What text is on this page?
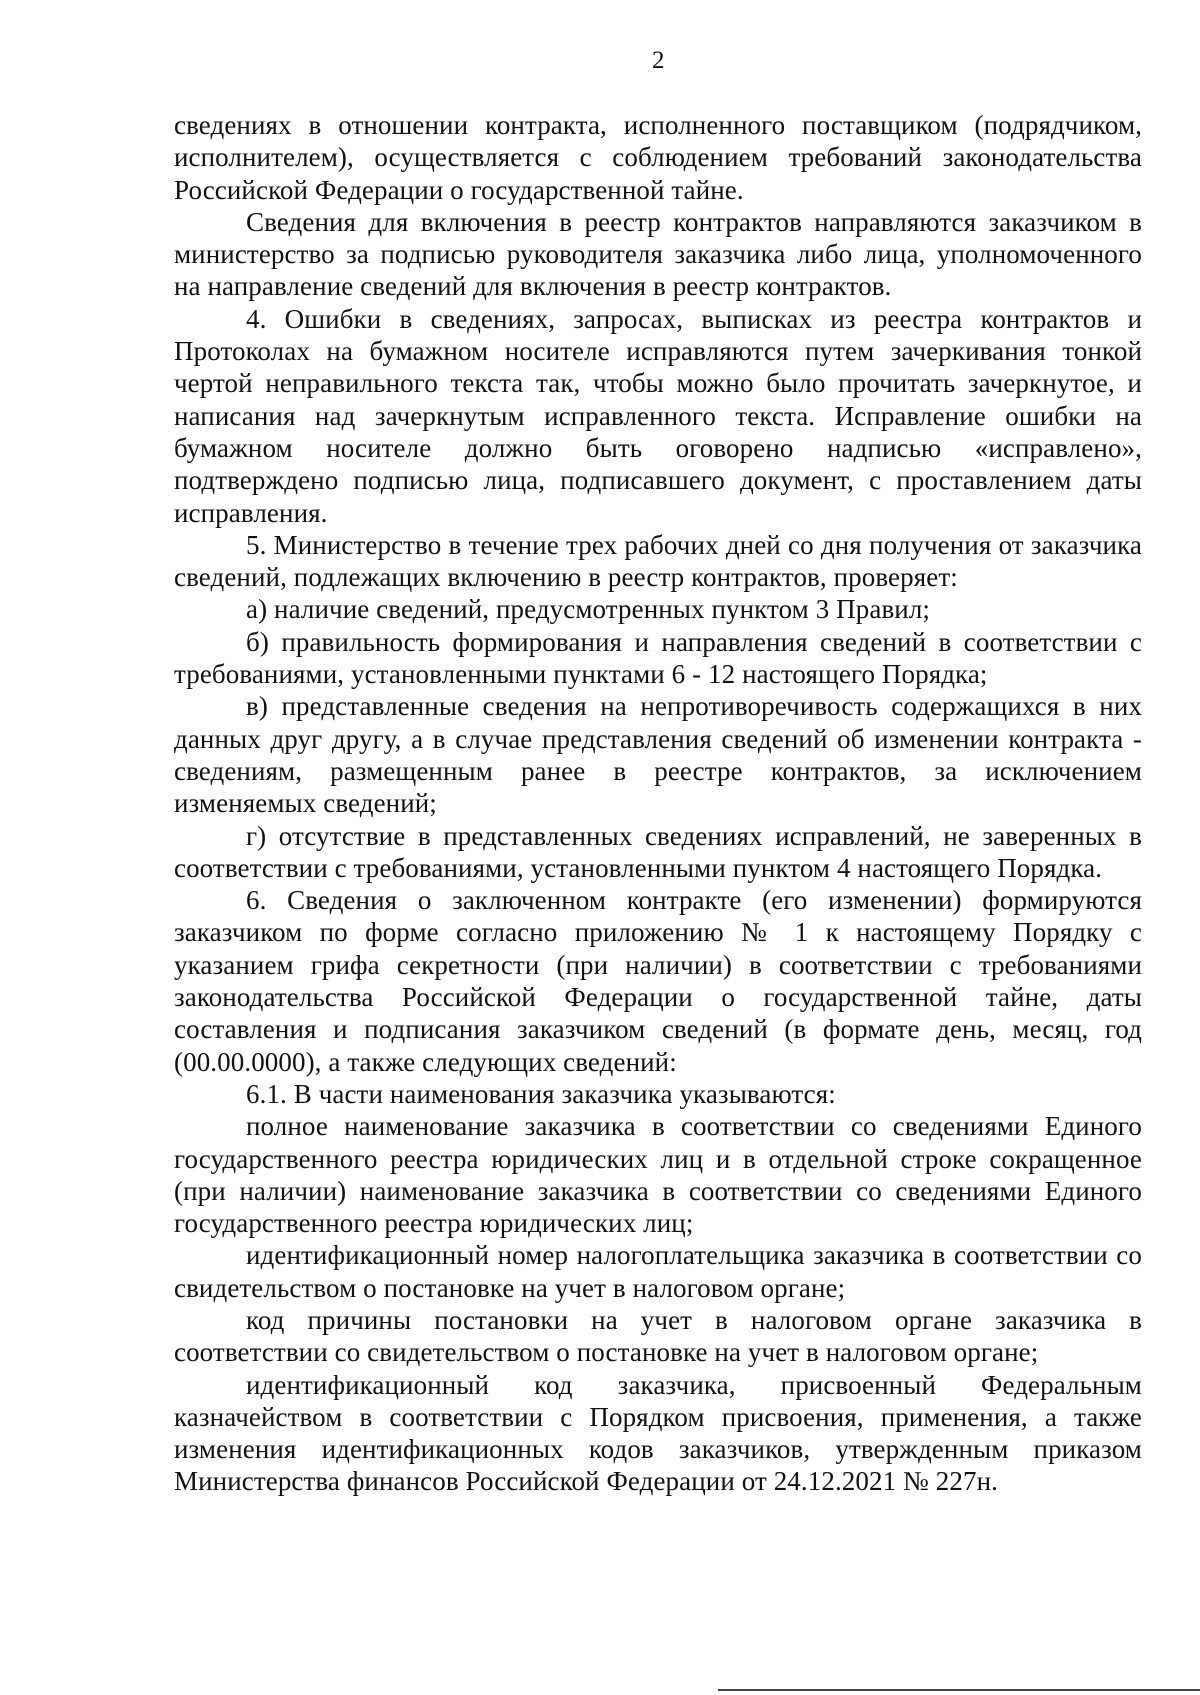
2

сведениях в отношении контракта, исполненного поставщиком (подрядчиком, исполнителем), осуществляется с соблюдением требований законодательства Российской Федерации о государственной тайне.

Сведения для включения в реестр контрактов направляются заказчиком в министерство за подписью руководителя заказчика либо лица, уполномоченного на направление сведений для включения в реестр контрактов.

4. Ошибки в сведениях, запросах, выписках из реестра контрактов и Протоколах на бумажном носителе исправляются путем зачеркивания тонкой чертой неправильного текста так, чтобы можно было прочитать зачеркнутое, и написания над зачеркнутым исправленного текста. Исправление ошибки на бумажном носителе должно быть оговорено надписью «исправлено», подтверждено подписью лица, подписавшего документ, с проставлением даты исправления.

5. Министерство в течение трех рабочих дней со дня получения от заказчика сведений, подлежащих включению в реестр контрактов, проверяет:

а) наличие сведений, предусмотренных пунктом 3 Правил;

б) правильность формирования и направления сведений в соответствии с требованиями, установленными пунктами 6 - 12 настоящего Порядка;

в) представленные сведения на непротиворечивость содержащихся в них данных друг другу, а в случае представления сведений об изменении контракта - сведениям, размещенным ранее в реестре контрактов, за исключением изменяемых сведений;

г) отсутствие в представленных сведениях исправлений, не заверенных в соответствии с требованиями, установленными пунктом 4 настоящего Порядка.

6. Сведения о заключенном контракте (его изменении) формируются заказчиком по форме согласно приложению № 1 к настоящему Порядку с указанием грифа секретности (при наличии) в соответствии с требованиями законодательства Российской Федерации о государственной тайне, даты составления и подписания заказчиком сведений (в формате день, месяц, год (00.00.0000), а также следующих сведений:

6.1. В части наименования заказчика указываются:

полное наименование заказчика в соответствии со сведениями Единого государственного реестра юридических лиц и в отдельной строке сокращенное (при наличии) наименование заказчика в соответствии со сведениями Единого государственного реестра юридических лиц;

идентификационный номер налогоплательщика заказчика в соответствии со свидетельством о постановке на учет в налоговом органе;

код причины постановки на учет в налоговом органе заказчика в соответствии со свидетельством о постановке на учет в налоговом органе;

идентификационный код заказчика, присвоенный Федеральным казначейством в соответствии с Порядком присвоения, применения, а также изменения идентификационных кодов заказчиков, утвержденным приказом Министерства финансов Российской Федерации от 24.12.2021 № 227н.
